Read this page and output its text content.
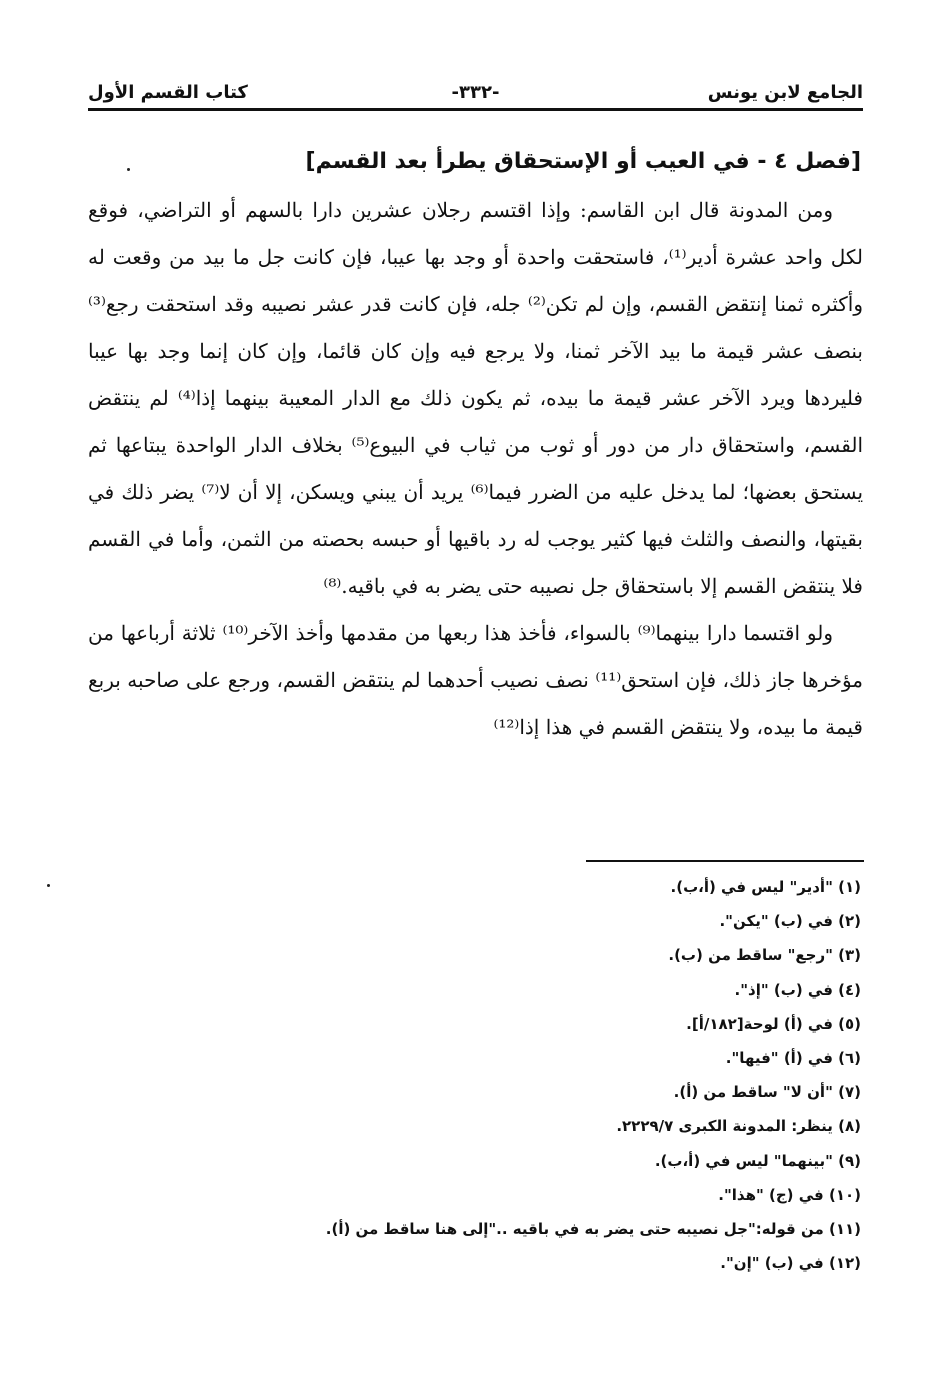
الجامع لابن يونس
-٣٣٢-
كتاب القسم الأول

[فصل ٤ - في العيب أو الإستحقاق يطرأ بعد القسم]

ومن المدونة قال ابن القاسم: وإذا اقتسم رجلان عشرين دارا بالسهم أو التراضي، فوقع لكل واحد عشرة أدير⁽¹⁾، فاستحقت واحدة أو وجد بها عيبا، فإن كانت جل ما بيد من وقعت له وأكثره ثمنا إنتقض القسم، وإن لم تكن⁽²⁾ جله، فإن كانت قدر عشر نصيبه وقد استحقت رجع⁽³⁾ بنصف عشر قيمة ما بيد الآخر ثمنا، ولا يرجع فيه وإن كان قائما، وإن كان إنما وجد بها عيبا فليردها ويرد الآخر عشر قيمة ما بيده، ثم يكون ذلك مع الدار المعيبة بينهما إذا⁽⁴⁾ لم ينتقض القسم، واستحقاق دار من دور أو ثوب من ثياب في البيوع⁽⁵⁾ بخلاف الدار الواحدة يبتاعها ثم يستحق بعضها؛ لما يدخل عليه من الضرر فيما⁽⁶⁾ يريد أن يبني ويسكن، إلا أن لا⁽⁷⁾ يضر ذلك في بقيتها، والنصف والثلث فيها كثير يوجب له رد باقيها أو حبسه بحصته من الثمن، وأما في القسم فلا ينتقض القسم إلا باستحقاق جل نصيبه حتى يضر به في باقيه.⁽⁸⁾

ولو اقتسما دارا بينهما⁽⁹⁾ بالسواء، فأخذ هذا ربعها من مقدمها وأخذ الآخر⁽¹⁰⁾ ثلاثة أرباعها من مؤخرها جاز ذلك، فإن استحق⁽¹¹⁾ نصف نصيب أحدهما لم ينتقض القسم، ورجع على صاحبه بربع قيمة ما بيده، ولا ينتقض القسم في هذا إذا⁽¹²⁾

(١) "أدير" ليس في (أ،ب).
(٢) في (ب) "يكن".
(٣) "رجع" ساقط من (ب).
(٤) في (ب) "إذ".
(٥) في (أ) لوحة[١٨٢/أ].
(٦) في (أ) "فيها".
(٧) "أن لا" ساقط من (أ).
(٨) ينظر: المدونة الكبرى ٢٢٢٩/٧.
(٩) "بينهما" ليس في (أ،ب).
(١٠) في (ج) "هذا".
(١١) من قوله:"جل نصيبه حتى يضر به في باقيه .."إلى هنا ساقط من (أ).
(١٢) في (ب) "إن".
